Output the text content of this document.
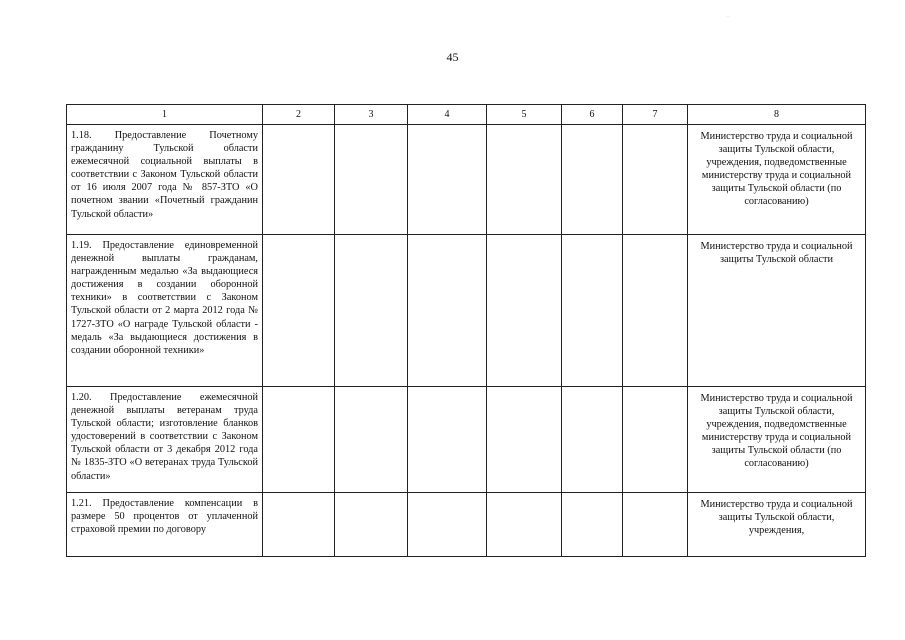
·
45
1	2	3	4	5	6	7	8

1.18. Предоставление Почетному гражданину Тульской области ежемесячной социальной выплаты в соответствии с Законом Тульской области от 16 июля 2007 года № 857-ЗТО «О почетном звании «Почетный гражданин Тульской области»							Министерство труда и социальной защиты Тульской области, учреждения, подведомственные министерству труда и социальной защиты Тульской области (по согласованию)

1.19. Предоставление единовременной денежной выплаты гражданам, награжденным медалью «За выдающиеся достижения в создании оборонной техники» в соответствии с Законом Тульской области от 2 марта 2012 года № 1727-ЗТО «О награде Тульской области - медаль «За выдающиеся достижения в создании оборонной техники»							Министерство труда и социальной защиты Тульской области

1.20. Предоставление ежемесячной денежной выплаты ветеранам труда Тульской области; изготовление бланков удостоверений в соответствии с Законом Тульской области от 3 декабря 2012 года № 1835-ЗТО «О ветеранах труда Тульской области»							Министерство труда и социальной защиты Тульской области, учреждения, подведомственные министерству труда и социальной защиты Тульской области (по согласованию)

1.21. Предоставление компенсации в размере 50 процентов от уплаченной страховой премии по договору							Министерство труда и социальной защиты Тульской области, учреждения,
